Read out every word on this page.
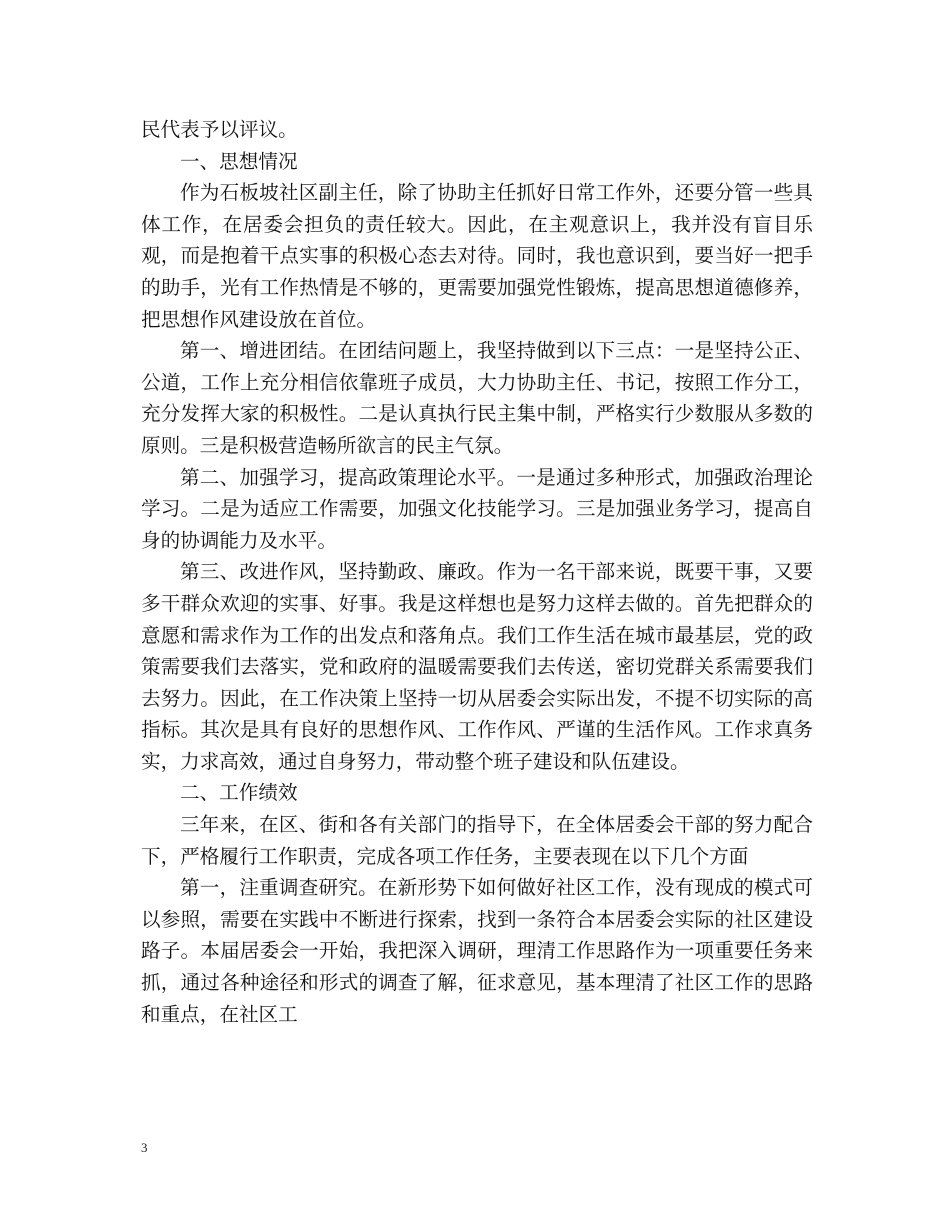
民代表予以评议。

一、思想情况

作为石板坡社区副主任，除了协助主任抓好日常工作外，还要分管一些具体工作，在居委会担负的责任较大。因此，在主观意识上，我并没有盲目乐观，而是抱着干点实事的积极心态去对待。同时，我也意识到，要当好一把手的助手，光有工作热情是不够的，更需要加强党性锻炼，提高思想道德修养，把思想作风建设放在首位。

第一、增进团结。在团结问题上，我坚持做到以下三点：一是坚持公正、公道，工作上充分相信依靠班子成员，大力协助主任、书记，按照工作分工，充分发挥大家的积极性。二是认真执行民主集中制，严格实行少数服从多数的原则。三是积极营造畅所欲言的民主气氛。

第二、加强学习，提高政策理论水平。一是通过多种形式，加强政治理论学习。二是为适应工作需要，加强文化技能学习。三是加强业务学习，提高自身的协调能力及水平。

第三、改进作风，坚持勤政、廉政。作为一名干部来说，既要干事，又要多干群众欢迎的实事、好事。我是这样想也是努力这样去做的。首先把群众的意愿和需求作为工作的出发点和落角点。我们工作生活在城市最基层，党的政策需要我们去落实，党和政府的温暖需要我们去传送，密切党群关系需要我们去努力。因此，在工作决策上坚持一切从居委会实际出发，不提不切实际的高指标。其次是具有良好的思想作风、工作作风、严谨的生活作风。工作求真务实，力求高效，通过自身努力，带动整个班子建设和队伍建设。

二、工作绩效

三年来，在区、街和各有关部门的指导下，在全体居委会干部的努力配合下，严格履行工作职责，完成各项工作任务，主要表现在以下几个方面

第一，注重调查研究。在新形势下如何做好社区工作，没有现成的模式可以参照，需要在实践中不断进行探索，找到一条符合本居委会实际的社区建设路子。本届居委会一开始，我把深入调研，理清工作思路作为一项重要任务来抓，通过各种途径和形式的调查了解，征求意见，基本理清了社区工作的思路和重点，在社区工

3
